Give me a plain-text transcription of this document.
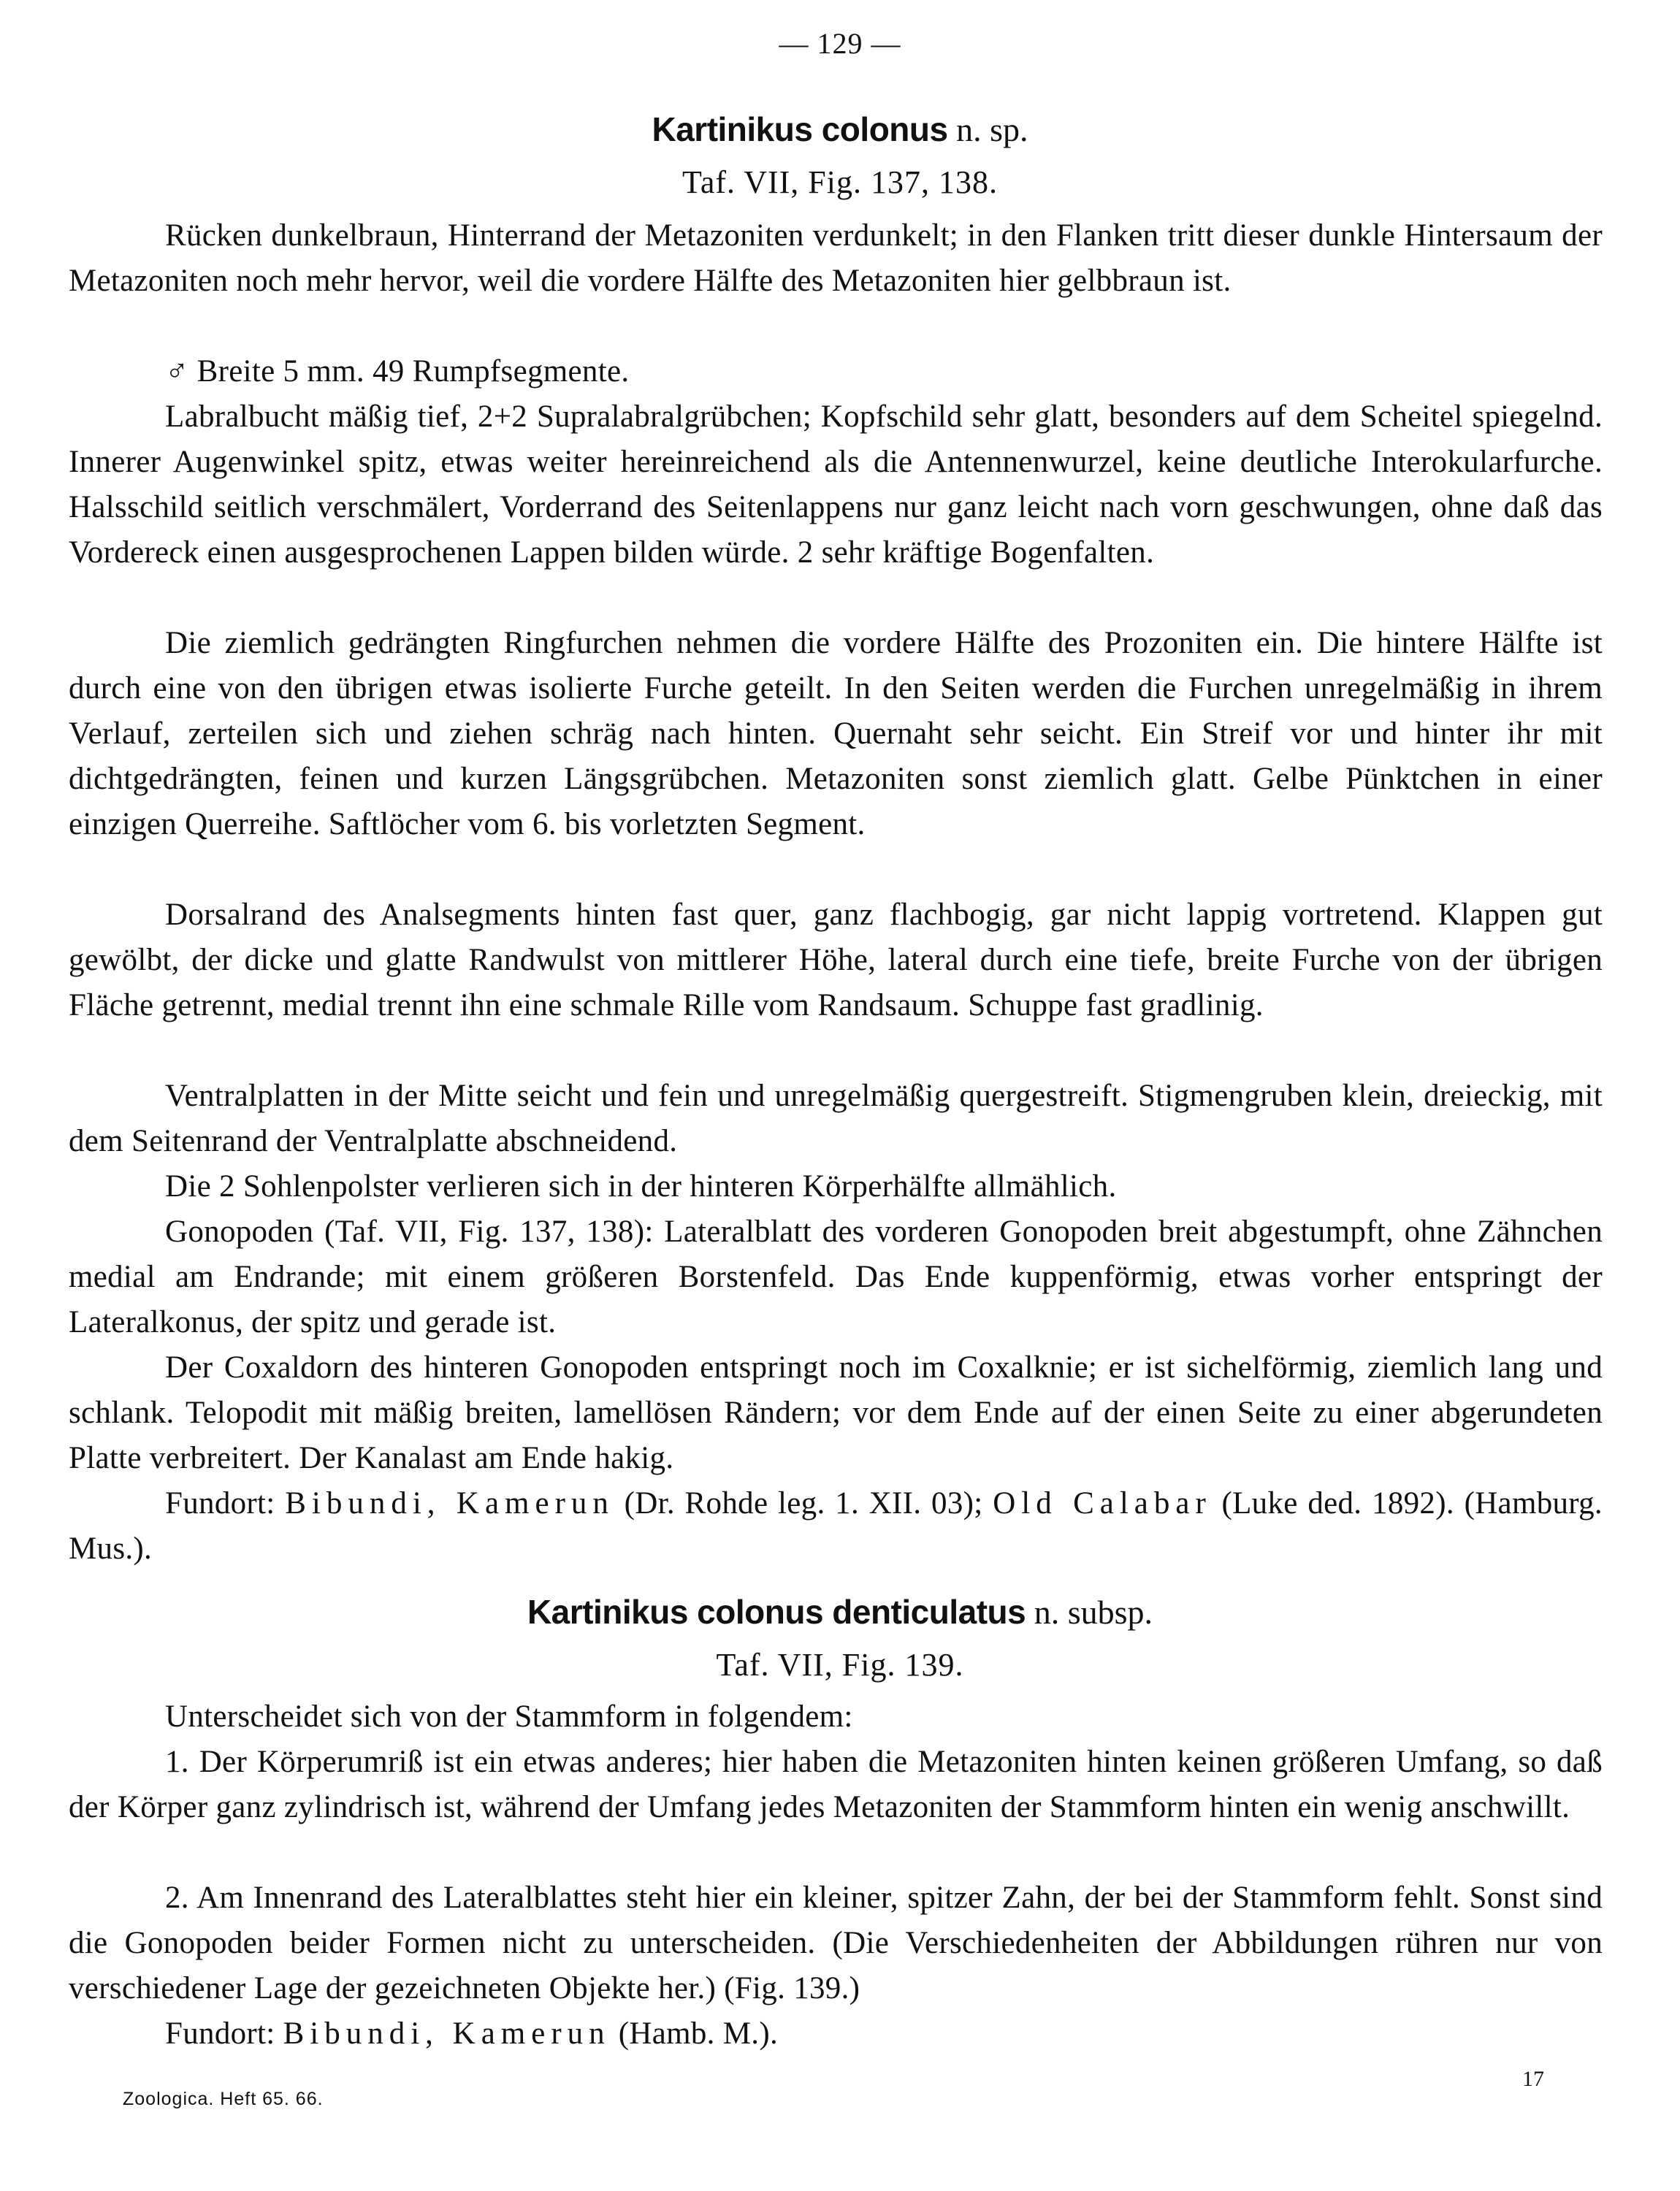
— 129 —
Kartinikus colonus n. sp.
Taf. VII, Fig. 137, 138.
Rücken dunkelbraun, Hinterrand der Metazoniten verdunkelt; in den Flanken tritt dieser dunkle Hintersaum der Metazoniten noch mehr hervor, weil die vordere Hälfte des Metazoniten hier gelbbraun ist.
♂ Breite 5 mm. 49 Rumpfsegmente.
Labralbucht mäßig tief, 2+2 Supralabralgrübchen; Kopfschild sehr glatt, besonders auf dem Scheitel spiegelnd. Innerer Augenwinkel spitz, etwas weiter hereinreichend als die Antennenwurzel, keine deutliche Interokularfurche. Halsschild seitlich verschmälert, Vorderrand des Seitenlappens nur ganz leicht nach vorn geschwungen, ohne daß das Vordereck einen ausgesprochenen Lappen bilden würde. 2 sehr kräftige Bogenfalten.
Die ziemlich gedrängten Ringfurchen nehmen die vordere Hälfte des Prozoniten ein. Die hintere Hälfte ist durch eine von den übrigen etwas isolierte Furche geteilt. In den Seiten werden die Furchen unregelmäßig in ihrem Verlauf, zerteilen sich und ziehen schräg nach hinten. Quernaht sehr seicht. Ein Streif vor und hinter ihr mit dichtgedrängten, feinen und kurzen Längsgrübchen. Metazoniten sonst ziemlich glatt. Gelbe Pünktchen in einer einzigen Querreihe. Saftlöcher vom 6. bis vorletzten Segment.
Dorsalrand des Analsegments hinten fast quer, ganz flachbogig, gar nicht lappig vortretend. Klappen gut gewölbt, der dicke und glatte Randwulst von mittlerer Höhe, lateral durch eine tiefe, breite Furche von der übrigen Fläche getrennt, medial trennt ihn eine schmale Rille vom Randsaum. Schuppe fast gradlinig.
Ventralplatten in der Mitte seicht und fein und unregelmäßig quergestreift. Stigmengruben klein, dreieckig, mit dem Seitenrand der Ventralplatte abschneidend.
Die 2 Sohlenpolster verlieren sich in der hinteren Körperhälfte allmählich.
Gonopoden (Taf. VII, Fig. 137, 138): Lateralblatt des vorderen Gonopoden breit abgestumpft, ohne Zähnchen medial am Endrande; mit einem größeren Borstenfeld. Das Ende kuppenförmig, etwas vorher entspringt der Lateralkonus, der spitz und gerade ist.
Der Coxaldorn des hinteren Gonopoden entspringt noch im Coxalknie; er ist sichelförmig, ziemlich lang und schlank. Telopodit mit mäßig breiten, lamellösen Rändern; vor dem Ende auf der einen Seite zu einer abgerundeten Platte verbreitert. Der Kanalast am Ende hakig.
Fundort: Bibundi, Kamerun (Dr. Rohde leg. 1. XII. 03); Old Calabar (Luke ded. 1892). (Hamburg. Mus.).
Kartinikus colonus denticulatus n. subsp.
Taf. VII, Fig. 139.
Unterscheidet sich von der Stammform in folgendem:
1. Der Körperumriß ist ein etwas anderes; hier haben die Metazoniten hinten keinen größeren Umfang, so daß der Körper ganz zylindrisch ist, während der Umfang jedes Metazoniten der Stammform hinten ein wenig anschwillt.
2. Am Innenrand des Lateralblattes steht hier ein kleiner, spitzer Zahn, der bei der Stammform fehlt. Sonst sind die Gonopoden beider Formen nicht zu unterscheiden. (Die Verschiedenheiten der Abbildungen rühren nur von verschiedener Lage der gezeichneten Objekte her.) (Fig. 139.)
Fundort: Bibundi, Kamerun (Hamb. M.).
Zoologica. Heft 65. 66.
17
